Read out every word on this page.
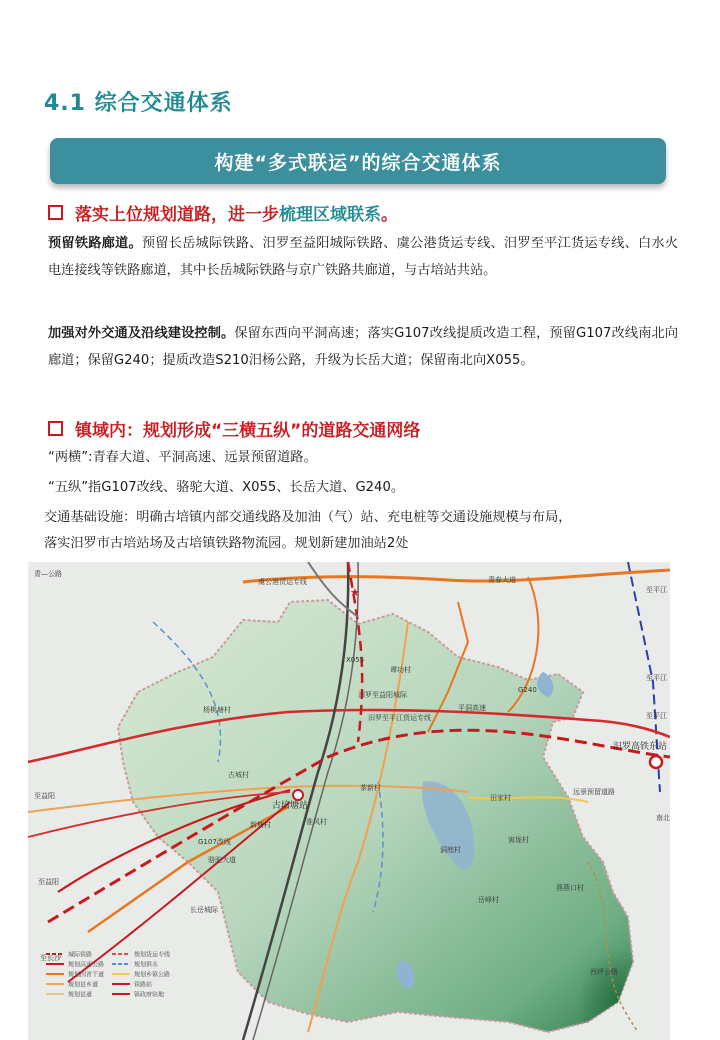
4.1 综合交通体系
构建“多式联运”的综合交通体系
落实上位规划道路，进一步 梳理区域联系 。
预留铁路廊道。预留长岳城际铁路、汨罗至益阳城际铁路、虞公港货运专线、汨罗至平江货运专线、白水火电连接线等铁路廊道，其中长岳城际铁路与京广铁路共廊道，与古培站共站。
加强对外交通及沿线建设控制。保留东西向平洞高速；落实G107改线提质改造工程，预留G107改线南北向廊道；保留G240；提质改造S210汨杨公路，升级为长岳大道；保留南北向X055。
镇域内：规划形成“三横五纵”的道路交通网络
“两横”:青春大道、平洞高速、远景预留道路。
“五纵”指G107改线、骆驼大道、X055、长岳大道、G240。
交通基础设施：明确古培镇内部交通线路及加油（气）站、充电桩等交通设施规模与布局，
落实汨罗市古培站场及古培镇铁路物流园。规划新建加油站2处
★
青—公路
虞公港货运专线	青春大道
至平江
至平江
至平江
平洞高速
汨罗至平江货运专线
汨罗至益阳城际
古培塘站
汨罗高铁东站
至益阳
至益阳
至长沙
X055
G240
G107改线
长岳城际
骆驼大道
远景预留道路
谭功村
杨桃塘村
古城村
新塘村	淮风村
茶新村
田家村
洞庭村
岳峰村
燕燕口村
寅垅村
西坪公路
南北
城际铁路
规划高速公路
规划国省干道
规划县乡道
规划县道
规划货运专线
规划供水
规划乡镇公路
铁路站
镇政府驻地
